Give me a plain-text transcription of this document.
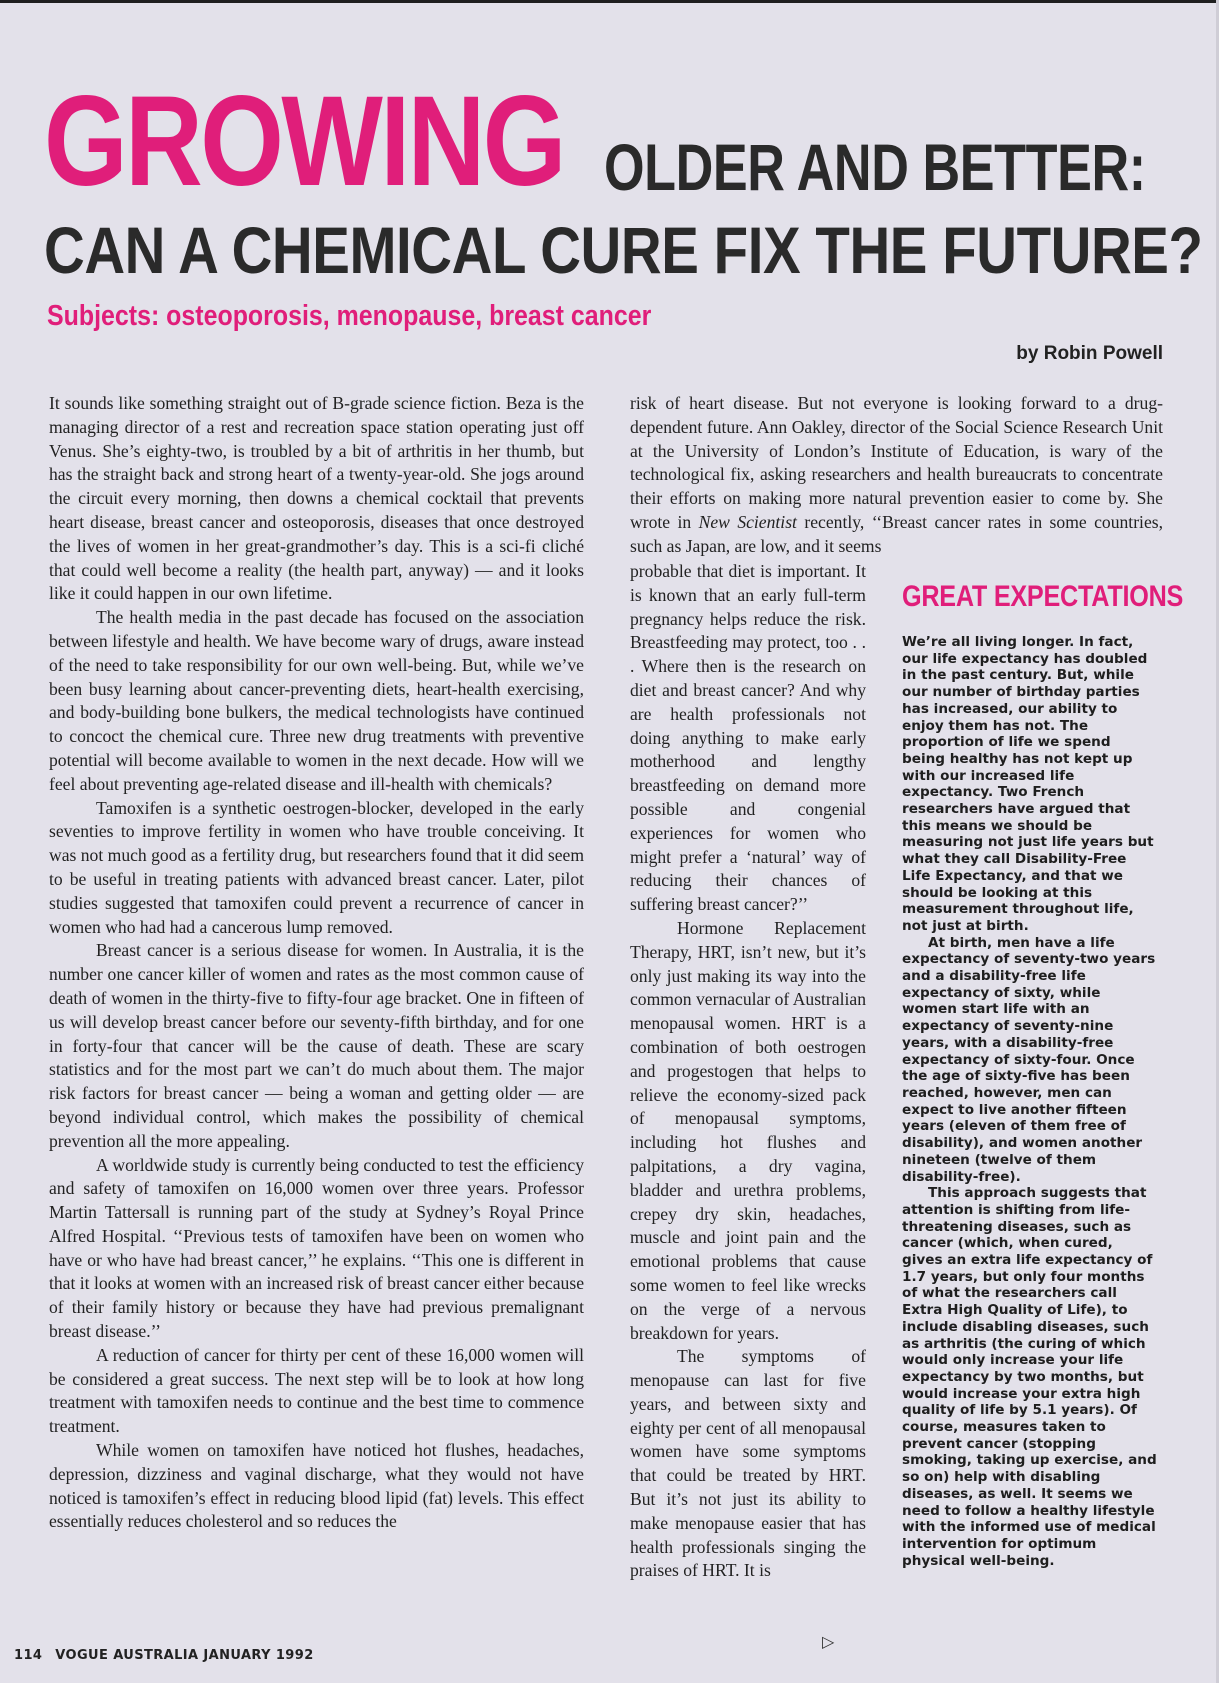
GROWING OLDER AND BETTER:
CAN A CHEMICAL CURE FIX THE FUTURE?
Subjects: osteoporosis, menopause, breast cancer
by Robin Powell

It sounds like something straight out of B-grade science fiction. Beza is the managing director of a rest and recreation space station operating just off Venus. She’s eighty-two, is troubled by a bit of arthritis in her thumb, but has the straight back and strong heart of a twenty-year-old. She jogs around the circuit every morning, then downs a chemical cocktail that prevents heart disease, breast cancer and osteoporosis, diseases that once destroyed the lives of women in her great-grandmother’s day. This is a sci-fi cliché that could well become a reality (the health part, anyway) — and it looks like it could happen in our own lifetime.

The health media in the past decade has focused on the association between lifestyle and health. We have become wary of drugs, aware instead of the need to take responsibility for our own well-being. But, while we’ve been busy learning about cancer-preventing diets, heart-health exercising, and body-building bone bulkers, the medical technologists have continued to concoct the chemical cure. Three new drug treatments with preventive potential will become available to women in the next decade. How will we feel about preventing age-related disease and ill-health with chemicals?

Tamoxifen is a synthetic oestrogen-blocker, developed in the early seventies to improve fertility in women who have trouble conceiving. It was not much good as a fertility drug, but researchers found that it did seem to be useful in treating patients with advanced breast cancer. Later, pilot studies suggested that tamoxifen could prevent a recurrence of cancer in women who had had a cancerous lump removed.

Breast cancer is a serious disease for women. In Australia, it is the number one cancer killer of women and rates as the most common cause of death of women in the thirty-five to fifty-four age bracket. One in fifteen of us will develop breast cancer before our seventy-fifth birthday, and for one in forty-four that cancer will be the cause of death. These are scary statistics and for the most part we can’t do much about them. The major risk factors for breast cancer — being a woman and getting older — are beyond individual control, which makes the possibility of chemical prevention all the more appealing.

A worldwide study is currently being conducted to test the efficiency and safety of tamoxifen on 16,000 women over three years. Professor Martin Tattersall is running part of the study at Sydney’s Royal Prince Alfred Hospital. ‘‘Previous tests of tamoxifen have been on women who have or who have had breast cancer,’’ he explains. ‘‘This one is different in that it looks at women with an increased risk of breast cancer either because of their family history or because they have had previous premalignant breast disease.’’

A reduction of cancer for thirty per cent of these 16,000 women will be considered a great success. The next step will be to look at how long treatment with tamoxifen needs to continue and the best time to commence treatment.

While women on tamoxifen have noticed hot flushes, headaches, depression, dizziness and vaginal discharge, what they would not have noticed is tamoxifen’s effect in reducing blood lipid (fat) levels. This effect essentially reduces cholesterol and so reduces the

risk of heart disease. But not everyone is looking forward to a drug-dependent future. Ann Oakley, director of the Social Science Research Unit at the University of London’s Institute of Education, is wary of the technological fix, asking researchers and health bureaucrats to concentrate their efforts on making more natural prevention easier to come by. She wrote in New Scientist recently, ‘‘Breast cancer rates in some countries, such as Japan, are low, and it seems

probable that diet is important. It is known that an early full-term pregnancy helps reduce the risk. Breastfeeding may protect, too . . . Where then is the research on diet and breast cancer? And why are health professionals not doing anything to make early motherhood and lengthy breastfeeding on demand more possible and congenial experiences for women who might prefer a ‘natural’ way of reducing their chances of suffering breast cancer?’’

Hormone Replacement Therapy, HRT, isn’t new, but it’s only just making its way into the common vernacular of Australian menopausal women. HRT is a combination of both oestrogen and progestogen that helps to relieve the economy-sized pack of menopausal symptoms, including hot flushes and palpitations, a dry vagina, bladder and urethra problems, crepey dry skin, headaches, muscle and joint pain and the emotional problems that cause some women to feel like wrecks on the verge of a nervous breakdown for years.

The symptoms of menopause can last for five years, and between sixty and eighty per cent of all menopausal women have some symptoms that could be treated by HRT. But it’s not just its ability to make menopause easier that has health professionals singing the praises of HRT. It is

GREAT EXPECTATIONS

We’re all living longer. In fact, our life expectancy has doubled in the past century. But, while our number of birthday parties has increased, our ability to enjoy them has not. The proportion of life we spend being healthy has not kept up with our increased life expectancy. Two French researchers have argued that this means we should be measuring not just life years but what they call Disability-Free Life Expectancy, and that we should be looking at this measurement throughout life, not just at birth.

At birth, men have a life expectancy of seventy-two years and a disability-free life expectancy of sixty, while women start life with an expectancy of seventy-nine years, with a disability-free expectancy of sixty-four. Once the age of sixty-five has been reached, however, men can expect to live another fifteen years (eleven of them free of disability), and women another nineteen (twelve of them disability-free).

This approach suggests that attention is shifting from life-threatening diseases, such as cancer (which, when cured, gives an extra life expectancy of 1.7 years, but only four months of what the researchers call Extra High Quality of Life), to include disabling diseases, such as arthritis (the curing of which would only increase your life expectancy by two months, but would increase your extra high quality of life by 5.1 years). Of course, measures taken to prevent cancer (stopping smoking, taking up exercise, and so on) help with disabling diseases, as well. It seems we need to follow a healthy lifestyle with the informed use of medical intervention for optimum physical well-being.

114 VOGUE AUSTRALIA JANUARY 1992
▷
